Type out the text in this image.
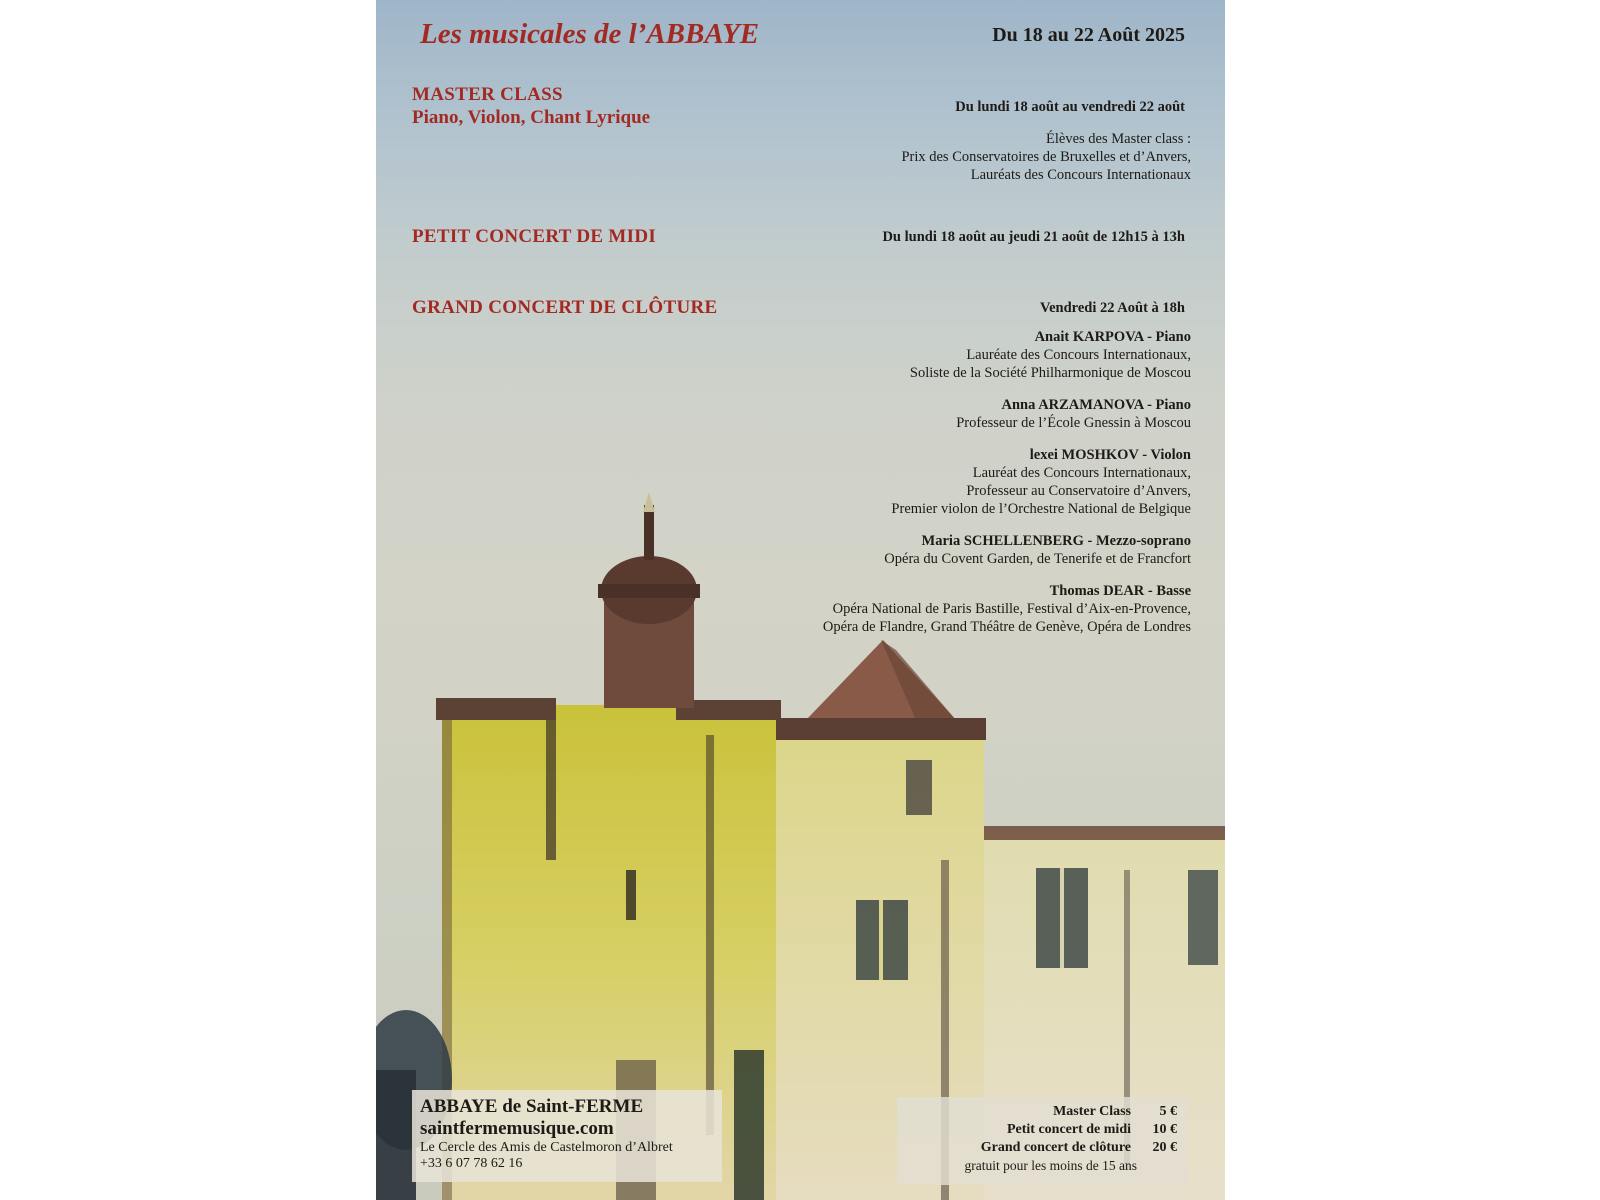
Les musicales de l’ABBAYE	Du 18 au 22 Août 2025
MASTER CLASS
Piano, Violon, Chant Lyrique	Du lundi 18 août au vendredi 22 août
Élèves des Master class :
Prix des Conservatoires de Bruxelles et d’Anvers,
Lauréats des Concours Internationaux
PETIT CONCERT DE MIDI	Du lundi 18 août au jeudi 21 août de 12h15 à 13h
GRAND CONCERT DE CLÔTURE	Vendredi 22 Août à 18h
Anait KARPOVA - Piano
Lauréate des Concours Internationaux,
Soliste de la Société Philharmonique de Moscou
Anna ARZAMANOVA - Piano
Professeur de l’École Gnessin à Moscou
lexei MOSHKOV - Violon
Lauréat des Concours Internationaux,
Professeur au Conservatoire d’Anvers,
Premier violon de l’Orchestre National de Belgique
Maria SCHELLENBERG - Mezzo-soprano
Opéra du Covent Garden, de Tenerife et de Francfort
Thomas DEAR - Basse
Opéra National de Paris Bastille, Festival d’Aix-en-Provence,
Opéra de Flandre, Grand Théâtre de Genève, Opéra de Londres
ABBAYE de Saint-FERME
saintfermemusique.com
Le Cercle des Amis de Castelmoron d’Albret
+33 6 07 78 62 16
Master Class	5 €
Petit concert de midi	10 €
Grand concert de clôture	20 €
gratuit pour les moins de 15 ans
